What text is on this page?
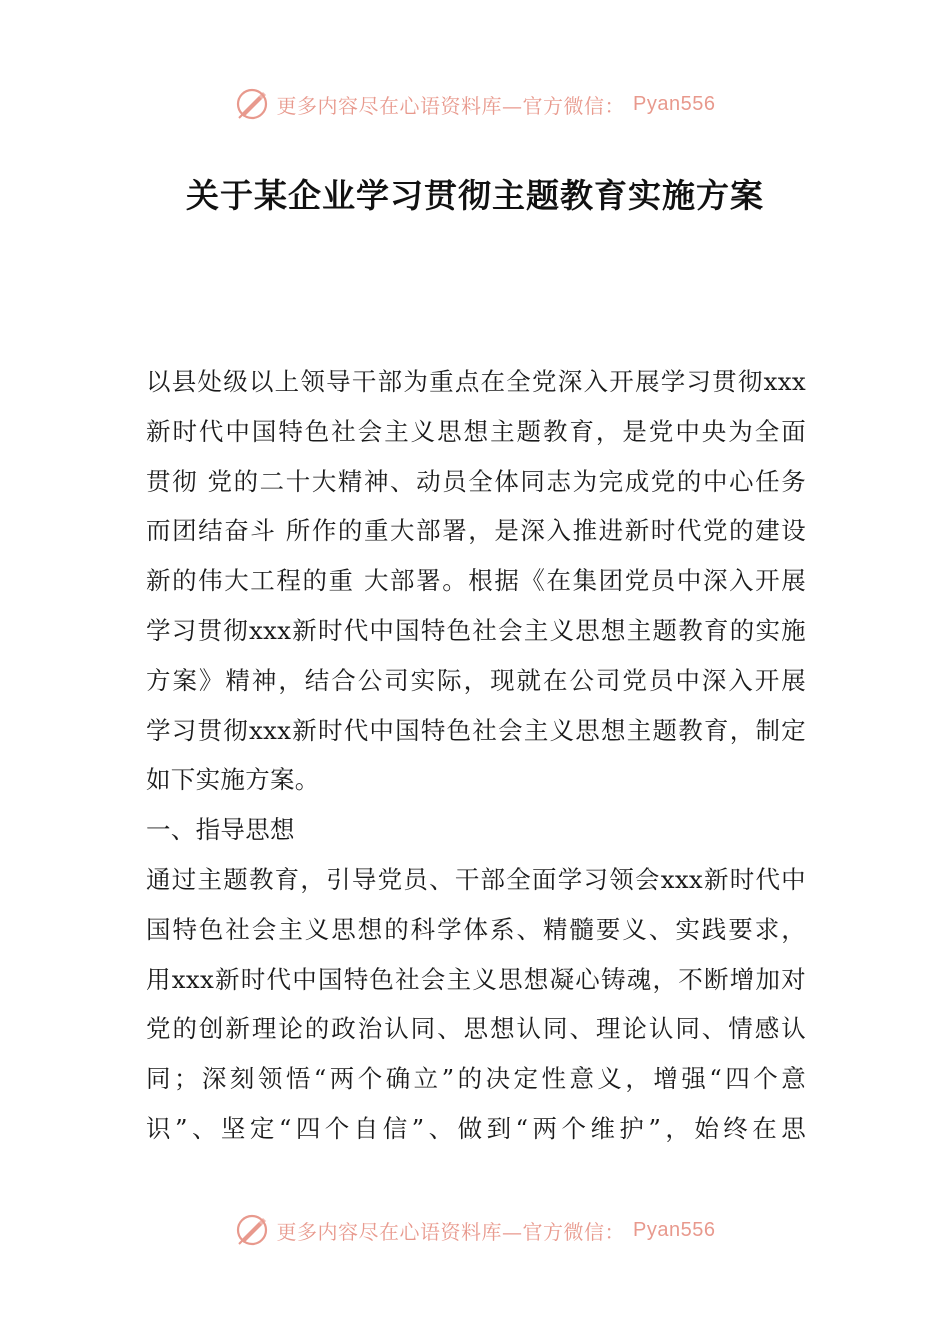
更多内容尽在心语资料库—官方微信： Pyan556
关于某企业学习贯彻主题教育实施方案
以县处级以上领导干部为重点在全党深入开展学习贯彻xxx
新时代中国特色社会主义思想主题教育，是党中央为全面
贯彻 党的二十大精神、动员全体同志为完成党的中心任务
而团结奋斗 所作的重大部署，是深入推进新时代党的建设
新的伟大工程的重 大部署。根据《在集团党员中深入开展
学习贯彻xxx新时代中国特色社会主义思想主题教育的实施
方案》精神，结合公司实际，现就在公司党员中深入开展
学习贯彻xxx新时代中国特色社会主义思想主题教育，制定
如下实施方案。
一、指导思想
通过主题教育，引导党员、干部全面学习领会xxx新时代中
国特色社会主义思想的科学体系、精髓要义、实践要求，
用xxx新时代中国特色社会主义思想凝心铸魂，不断增加对
党的创新理论的政治认同、思想认同、理论认同、情感认
同；深刻领悟“两个确立”的决定性意义，增强“四个意
识”、坚定“四个自信”、做到“两个维护”，始终在思
更多内容尽在心语资料库—官方微信： Pyan556
